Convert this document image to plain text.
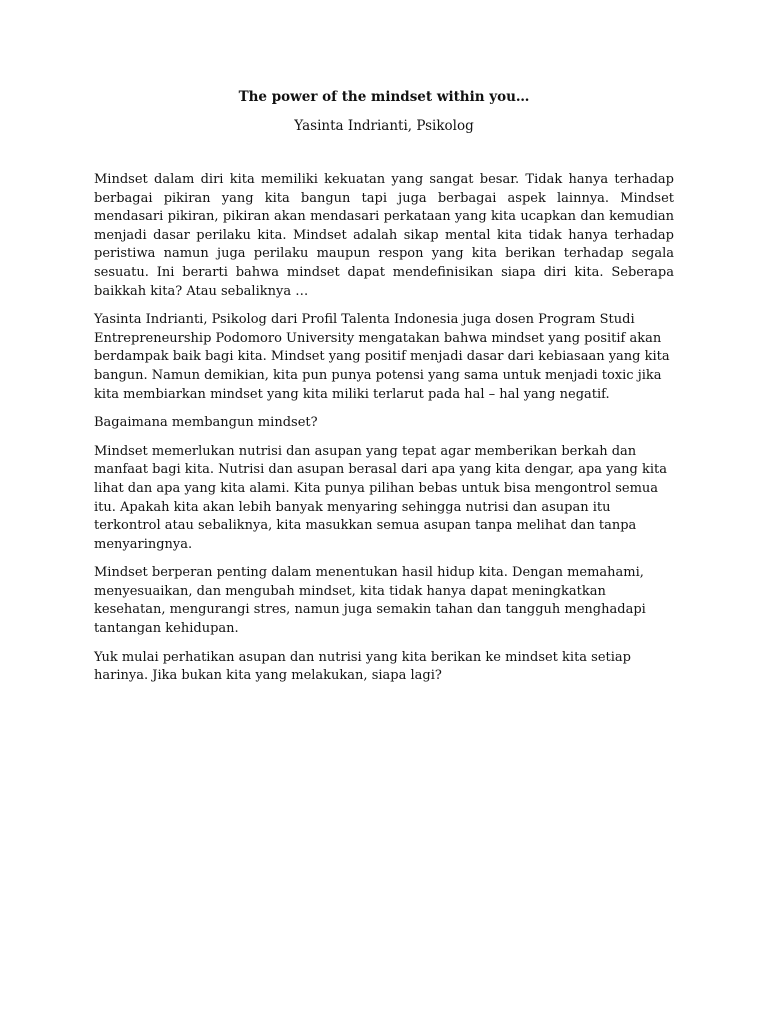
The power of the mindset within you…
Yasinta Indrianti, Psikolog

Mindset dalam diri kita memiliki kekuatan yang sangat besar. Tidak hanya terhadap berbagai pikiran yang kita bangun tapi juga berbagai aspek lainnya. Mindset mendasari pikiran, pikiran akan mendasari perkataan yang kita ucapkan dan kemudian menjadi dasar perilaku kita. Mindset adalah sikap mental kita tidak hanya terhadap peristiwa namun juga perilaku maupun respon yang kita berikan terhadap segala sesuatu. Ini berarti bahwa mindset dapat mendefinisikan siapa diri kita. Seberapa baikkah kita? Atau sebaliknya …

Yasinta Indrianti, Psikolog dari Profil Talenta Indonesia juga dosen Program Studi Entrepreneurship Podomoro University mengatakan bahwa mindset yang positif akan berdampak baik bagi kita. Mindset yang positif menjadi dasar dari kebiasaan yang kita bangun. Namun demikian, kita pun punya potensi yang sama untuk menjadi toxic jika kita membiarkan mindset yang kita miliki terlarut pada hal – hal yang negatif.

Bagaimana membangun mindset?

Mindset memerlukan nutrisi dan asupan yang tepat agar memberikan berkah dan manfaat bagi kita. Nutrisi dan asupan berasal dari apa yang kita dengar, apa yang kita lihat dan apa yang kita alami. Kita punya pilihan bebas untuk bisa mengontrol semua itu. Apakah kita akan lebih banyak menyaring sehingga nutrisi dan asupan itu terkontrol atau sebaliknya, kita masukkan semua asupan tanpa melihat dan tanpa menyaringnya.

Mindset berperan penting dalam menentukan hasil hidup kita. Dengan memahami, menyesuaikan, dan mengubah mindset, kita tidak hanya dapat meningkatkan kesehatan, mengurangi stres, namun juga semakin tahan dan tangguh menghadapi tantangan kehidupan.

Yuk mulai perhatikan asupan dan nutrisi yang kita berikan ke mindset kita setiap harinya. Jika bukan kita yang melakukan, siapa lagi?
